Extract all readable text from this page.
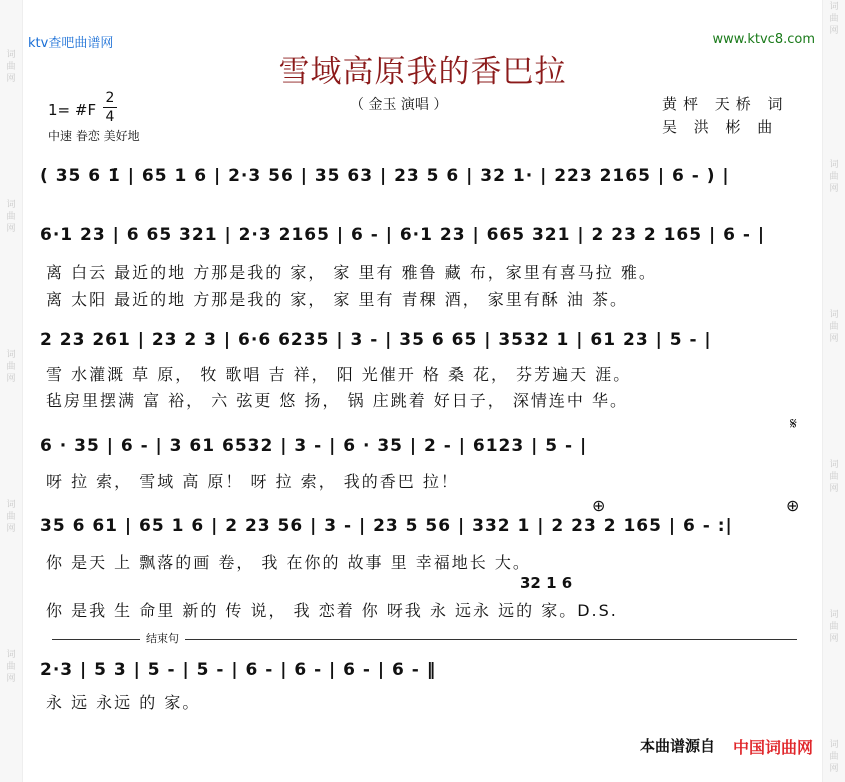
词
曲
网
词
曲
网
词
曲
网
词
曲
网
词
曲
网
词
曲
网
词
曲
网
词
曲
网
词
曲
网
词
曲
网
词
曲
网
ktv查吧曲谱网	www.ktvc8.com
雪域高原我的香巴拉
（ 金玉 演唱 ）	黄枰 天桥 词
吴 洪 彬 曲
1= #F
2
4
中速 眷恋 美好地
( 35 6 1̇ | 65 1 6 | 2·3 56 | 35 63 | 23 5 6 | 32 1· | 223 2165 | 6 - ) |
6·1 23 | 6 65 321 | 2·3 2165 | 6 - | 6·1 23 | 665 321 | 2 23 2 165 | 6 - |
离 白云 最近的地 方那是我的 家， 家 里有 雅鲁 藏 布，家里有喜马拉 雅。
离 太阳 最近的地 方那是我的 家， 家 里有 青稞 酒， 家里有酥 油 茶。
2 23 261 | 23 2 3 | 6·6 6235 | 3 - | 35 6 65 | 3532 1 | 61 23 | 5 - |
雪 水灌溉 草 原， 牧 歌唱 吉 祥， 阳 光催开 格 桑 花， 芬芳遍天 涯。
毡房里摆满 富 裕， 六 弦更 悠 扬， 锅 庄跳着 好日子， 深情连中 华。
𝄋
6 · 35 | 6 - | 3 61 6532 | 3 - | 6 · 35 | 2 - | 6123 | 5 - |
呀 拉 索， 雪域 高 原！ 呀 拉 索， 我的香巴 拉！
⊕	⊕
35 6 61 | 65 1 6 | 2 23 56 | 3 - | 23 5 56 | 332 1 | 2 23 2 165 | 6 - :|
你 是天 上 飘落的画 卷， 我 在你的 故事 里 幸福地长 大。
32 1 6
你 是我 生 命里 新的 传 说， 我 恋着 你 呀我 永 远永 远的 家。D.S.
结束句
2·3 | 5 3 | 5 - | 5 - | 6 - | 6 - | 6 - | 6 - ‖
永 远 永远 的 家。
本曲谱源自 中国词曲网
